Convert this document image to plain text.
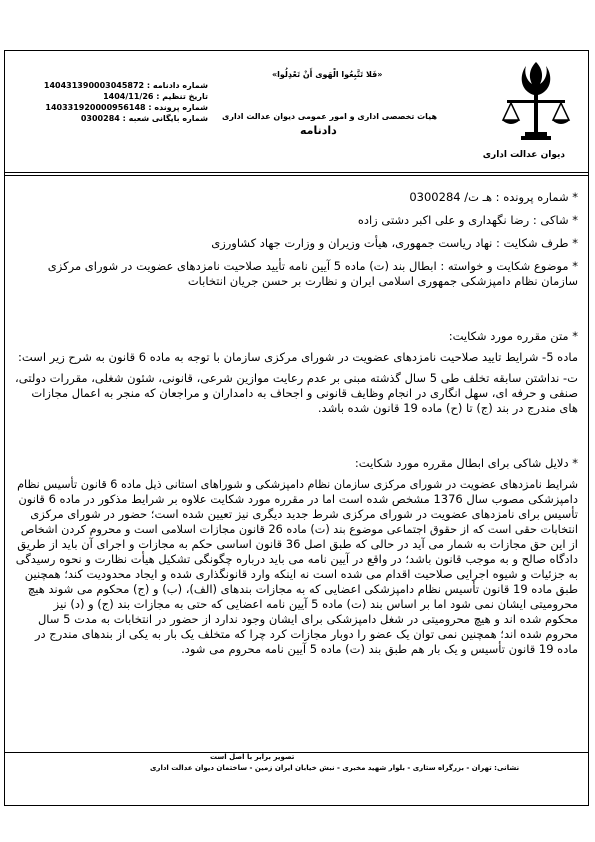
دیوان عدالت اداری
«فَلا تَتَّبِعُوا الْهَوى أَنْ تَعْدِلُوا»
هیات تخصصی اداری و امور عمومی دیوان عدالت اداری
دادنامه
شماره دادنامه : 140431390003045872
تاریخ تنظیم : 1404/11/26
شماره پرونده : 140331920000956148
شماره بایگانی شعبه : 0300284
* شماره پرونده : هـ ت/ 0300284
* شاکی : رضا نگهداری و علی اکبر دشتی زاده
* طرف شکایت : نهاد ریاست جمهوری، هیأت وزیران و وزارت جهاد کشاورزی
* موضوع شکایت و خواسته : ابطال بند (ت) ماده 5 آیین نامه تأیید صلاحیت نامزدهای عضویت در شورای مرکزی
سازمان نظام دامپزشکی جمهوری اسلامی ایران و نظارت بر حسن جریان انتخابات
* متن مقرره مورد شکایت:
ماده 5- شرایط تایید صلاحیت نامزدهای عضویت در شورای مرکزی سازمان با توجه به ماده 6 قانون به شرح زیر است:
ت- نداشتن سابقه تخلف طی 5 سال گذشته مبنی بر عدم رعایت موازین شرعی، قانونی، شئون شغلی، مقررات دولتی،
صنفی و حرفه ای، سهل انگاری در انجام وظایف قانونی و اجحاف به دامداران و مراجعان که منجر به اعمال مجازات
های مندرج در بند (ج) تا (ح) ماده 19 قانون شده باشد.
* دلایل شاکی برای ابطال مقرره مورد شکایت:
شرایط نامزدهای عضویت در شورای مرکزی سازمان نظام دامپزشکی و شوراهای استانی ذیل ماده 6 قانون تأسیس نظام
دامپزشکی مصوب سال 1376 مشخص شده است اما در مقرره مورد شکایت علاوه بر شرایط مذکور در ماده 6 قانون
تأسیس برای نامزدهای عضویت در شورای مرکزی شرط جدید دیگری نیز تعیین شده است؛ حضور در شورای مرکزی
انتخابات حقی است که از حقوق اجتماعی موضوع بند (ت) ماده 26 قانون مجازات اسلامی است و محروم کردن اشخاص
از این حق مجازات به شمار می آید در حالی که طبق اصل 36 قانون اساسی حکم به مجازات و اجرای آن باید از طریق
دادگاه صالح و به موجب قانون باشد؛ در واقع در آیین نامه می باید درباره چگونگی تشکیل هیأت نظارت و نحوه رسیدگی
به جزئیات و شیوه اجرایی صلاحیت اقدام می شده است نه اینکه وارد قانونگذاری شده و ایجاد محدودیت کند؛ همچنین
طبق ماده 19 قانون تأسیس نظام دامپزشکی اعضایی که به مجازات بندهای (الف)، (ب) و (ج) محکوم می شوند هیچ
محرومیتی ایشان نمی شود اما بر اساس بند (ت) ماده 5 آیین نامه اعضایی که حتی به مجازات بند (ج) و (د) نیز
محکوم شده اند و هیچ محرومیتی در شغل دامپزشکی برای ایشان وجود ندارد از حضور در انتخابات به مدت 5 سال
محروم شده اند؛ همچنین نمی توان یک عضو را دوبار مجازات کرد چرا که متخلف یک بار به یکی از بندهای مندرج در
ماده 19 قانون تأسیس و یک بار هم طبق بند (ت) ماده 5 آیین نامه محروم می شود.
تصویر برابر با اصل است
نشانی: تهران - بزرگراه ستاری - بلوار شهید مخبری - نبش خیابان ایران زمین - ساختمان دیوان عدالت اداری
